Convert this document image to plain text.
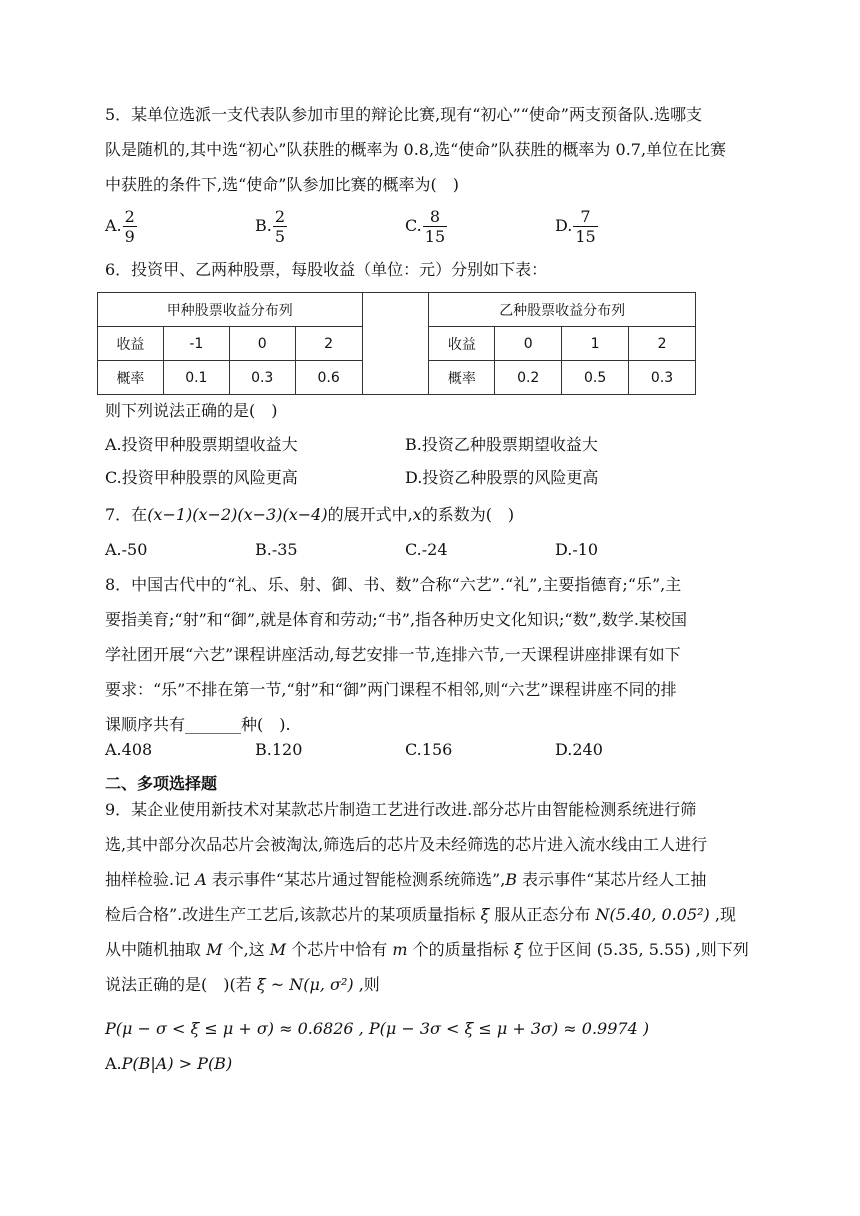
5．某单位选派一支代表队参加市里的辩论比赛,现有“初心”“使命”两支预备队.选哪支
队是随机的,其中选“初心”队获胜的概率为 0.8,选“使命”队获胜的概率为 0.7,单位在比赛
中获胜的条件下,选“使命”队参加比赛的概率为(　)
A. $\frac{2}{9}$	B. $\frac{2}{5}$	C. $\frac{8}{15}$	D. $\frac{7}{15}$
6．投资甲、乙两种股票，每股收益（单位：元）分别如下表：
甲种股票收益分布列					乙种股票收益分布列			
收益	-1	0	2		收益	0	1	2
概率	0.1	0.3	0.6		概率	0.2	0.5	0.3
则下列说法正确的是(　)
A.投资甲种股票期望收益大	B.投资乙种股票期望收益大
C.投资甲种股票的风险更高	D.投资乙种股票的风险更高
7．在(x−1)(x−2)(x−3)(x−4)的展开式中,x的系数为(　)
A.-50	B.-35	C.-24	D.-10
8．中国古代中的“礼、乐、射、御、书、数”合称“六艺”.“礼”,主要指德育;“乐”,主
要指美育;“射”和“御”,就是体育和劳动;“书”,指各种历史文化知识;“数”,数学.某校国
学社团开展“六艺”课程讲座活动,每艺安排一节,连排六节,一天课程讲座排课有如下
要求：“乐”不排在第一节,“射”和“御”两门课程不相邻,则“六艺”课程讲座不同的排
课顺序共有_______种(　).
A.408	B.120	C.156	D.240
二、多项选择题
9．某企业使用新技术对某款芯片制造工艺进行改进.部分芯片由智能检测系统进行筛
选,其中部分次品芯片会被淘汰,筛选后的芯片及未经筛选的芯片进入流水线由工人进行
抽样检验.记 A 表示事件“某芯片通过智能检测系统筛选”,B 表示事件“某芯片经人工抽
检后合格”.改进生产工艺后,该款芯片的某项质量指标 ξ 服从正态分布 N(5.40, 0.05²) ,现
从中随机抽取 M 个,这 M 个芯片中恰有 m 个的质量指标 ξ 位于区间 (5.35, 5.55) ,则下列
说法正确的是(　)(若 ξ ~ N(μ, σ²) ,则
P(μ − σ < ξ ≤ μ + σ) ≈ 0.6826 , P(μ − 3σ < ξ ≤ μ + 3σ) ≈ 0.9974 )
A.P(B|A) > P(B)
